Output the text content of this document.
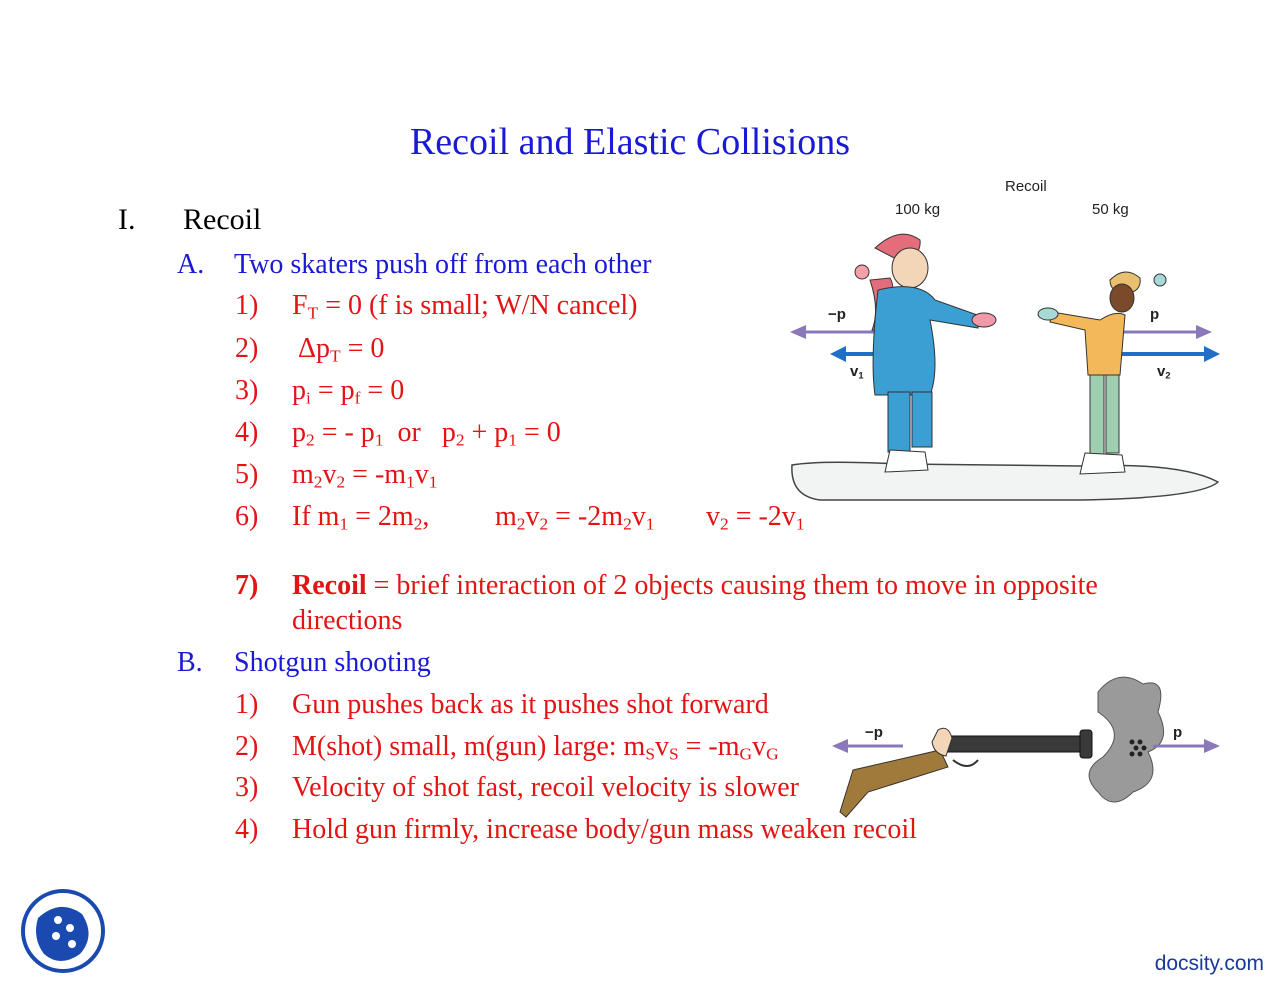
Recoil and Elastic Collisions
I. Recoil
A. Two skaters push off from each other
1) $F_T = 0$ (f is small; W/N cancel)
2) $\Delta p_T = 0$
3) $p_i = p_f = 0$
4) $p_2$ = - $p_1$  or   $p_2 + p_1 = 0$
5) $m_2v_2 = -m_1v_1$
6) If $m_1 = 2m_2$, $m_2v_2 = -2m_2v_1$ $v_2 = -2v_1$
7) Recoil = brief interaction of 2 objects causing them to move in opposite
directions
B. Shotgun shooting
1) Gun pushes back as it pushes shot forward
2) M(shot) small, m(gun) large: $m_Sv_S = -m_Gv_G$
3) Velocity of shot fast, recoil velocity is slower
4) Hold gun firmly, increase body/gun mass weaken recoil
Recoil
100 kg	50 kg
−p	p
$v_1$	$v_2$
−p	p
docsity.com
